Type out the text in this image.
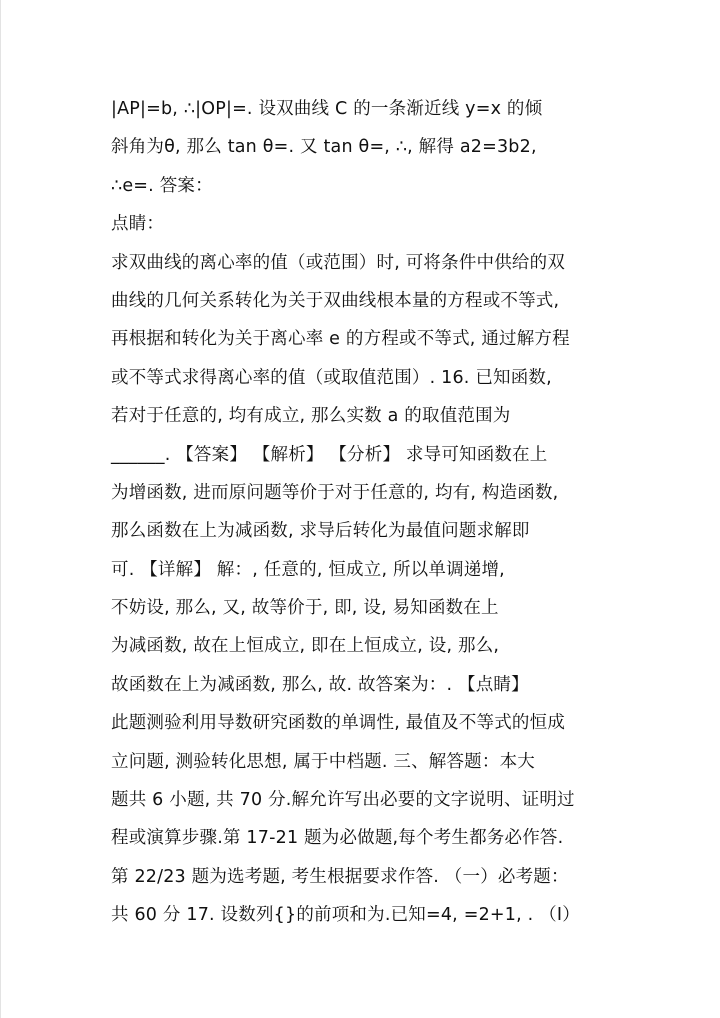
|AP|=b, ∴|OP|=. 设双曲线 C 的一条渐近线 y=x 的倾
斜角为θ, 那么 tan θ=. 又 tan θ=, ∴, 解得 a2=3b2,
∴e=. 答案：
点睛：
求双曲线的离心率的值（或范围）时, 可将条件中供给的双
曲线的几何关系转化为关于双曲线根本量的方程或不等式,
再根据和转化为关于离心率 e 的方程或不等式, 通过解方程
或不等式求得离心率的值（或取值范围）. 16. 已知函数,
若对于任意的, 均有成立, 那么实数 a 的取值范围为
______. 【答案】 【解析】 【分析】 求导可知函数在上
为增函数, 进而原问题等价于对于任意的, 均有, 构造函数,
那么函数在上为减函数, 求导后转化为最值问题求解即
可. 【详解】 解：, 任意的, 恒成立, 所以单调递增,
不妨设, 那么, 又, 故等价于, 即, 设, 易知函数在上
为减函数, 故在上恒成立, 即在上恒成立, 设, 那么,
故函数在上为减函数, 那么, 故. 故答案为：. 【点睛】
此题测验利用导数研究函数的单调性, 最值及不等式的恒成
立问题, 测验转化思想, 属于中档题. 三、解答题：本大
题共 6 小题, 共 70 分.解允许写出必要的文字说明、证明过
程或演算步骤.第 17-21 题为必做题,每个考生都务必作答.
第 22/23 题为选考题, 考生根据要求作答. （一）必考题：
共 60 分 17. 设数列{}的前项和为.已知=4, =2+1, . （Ⅰ）
